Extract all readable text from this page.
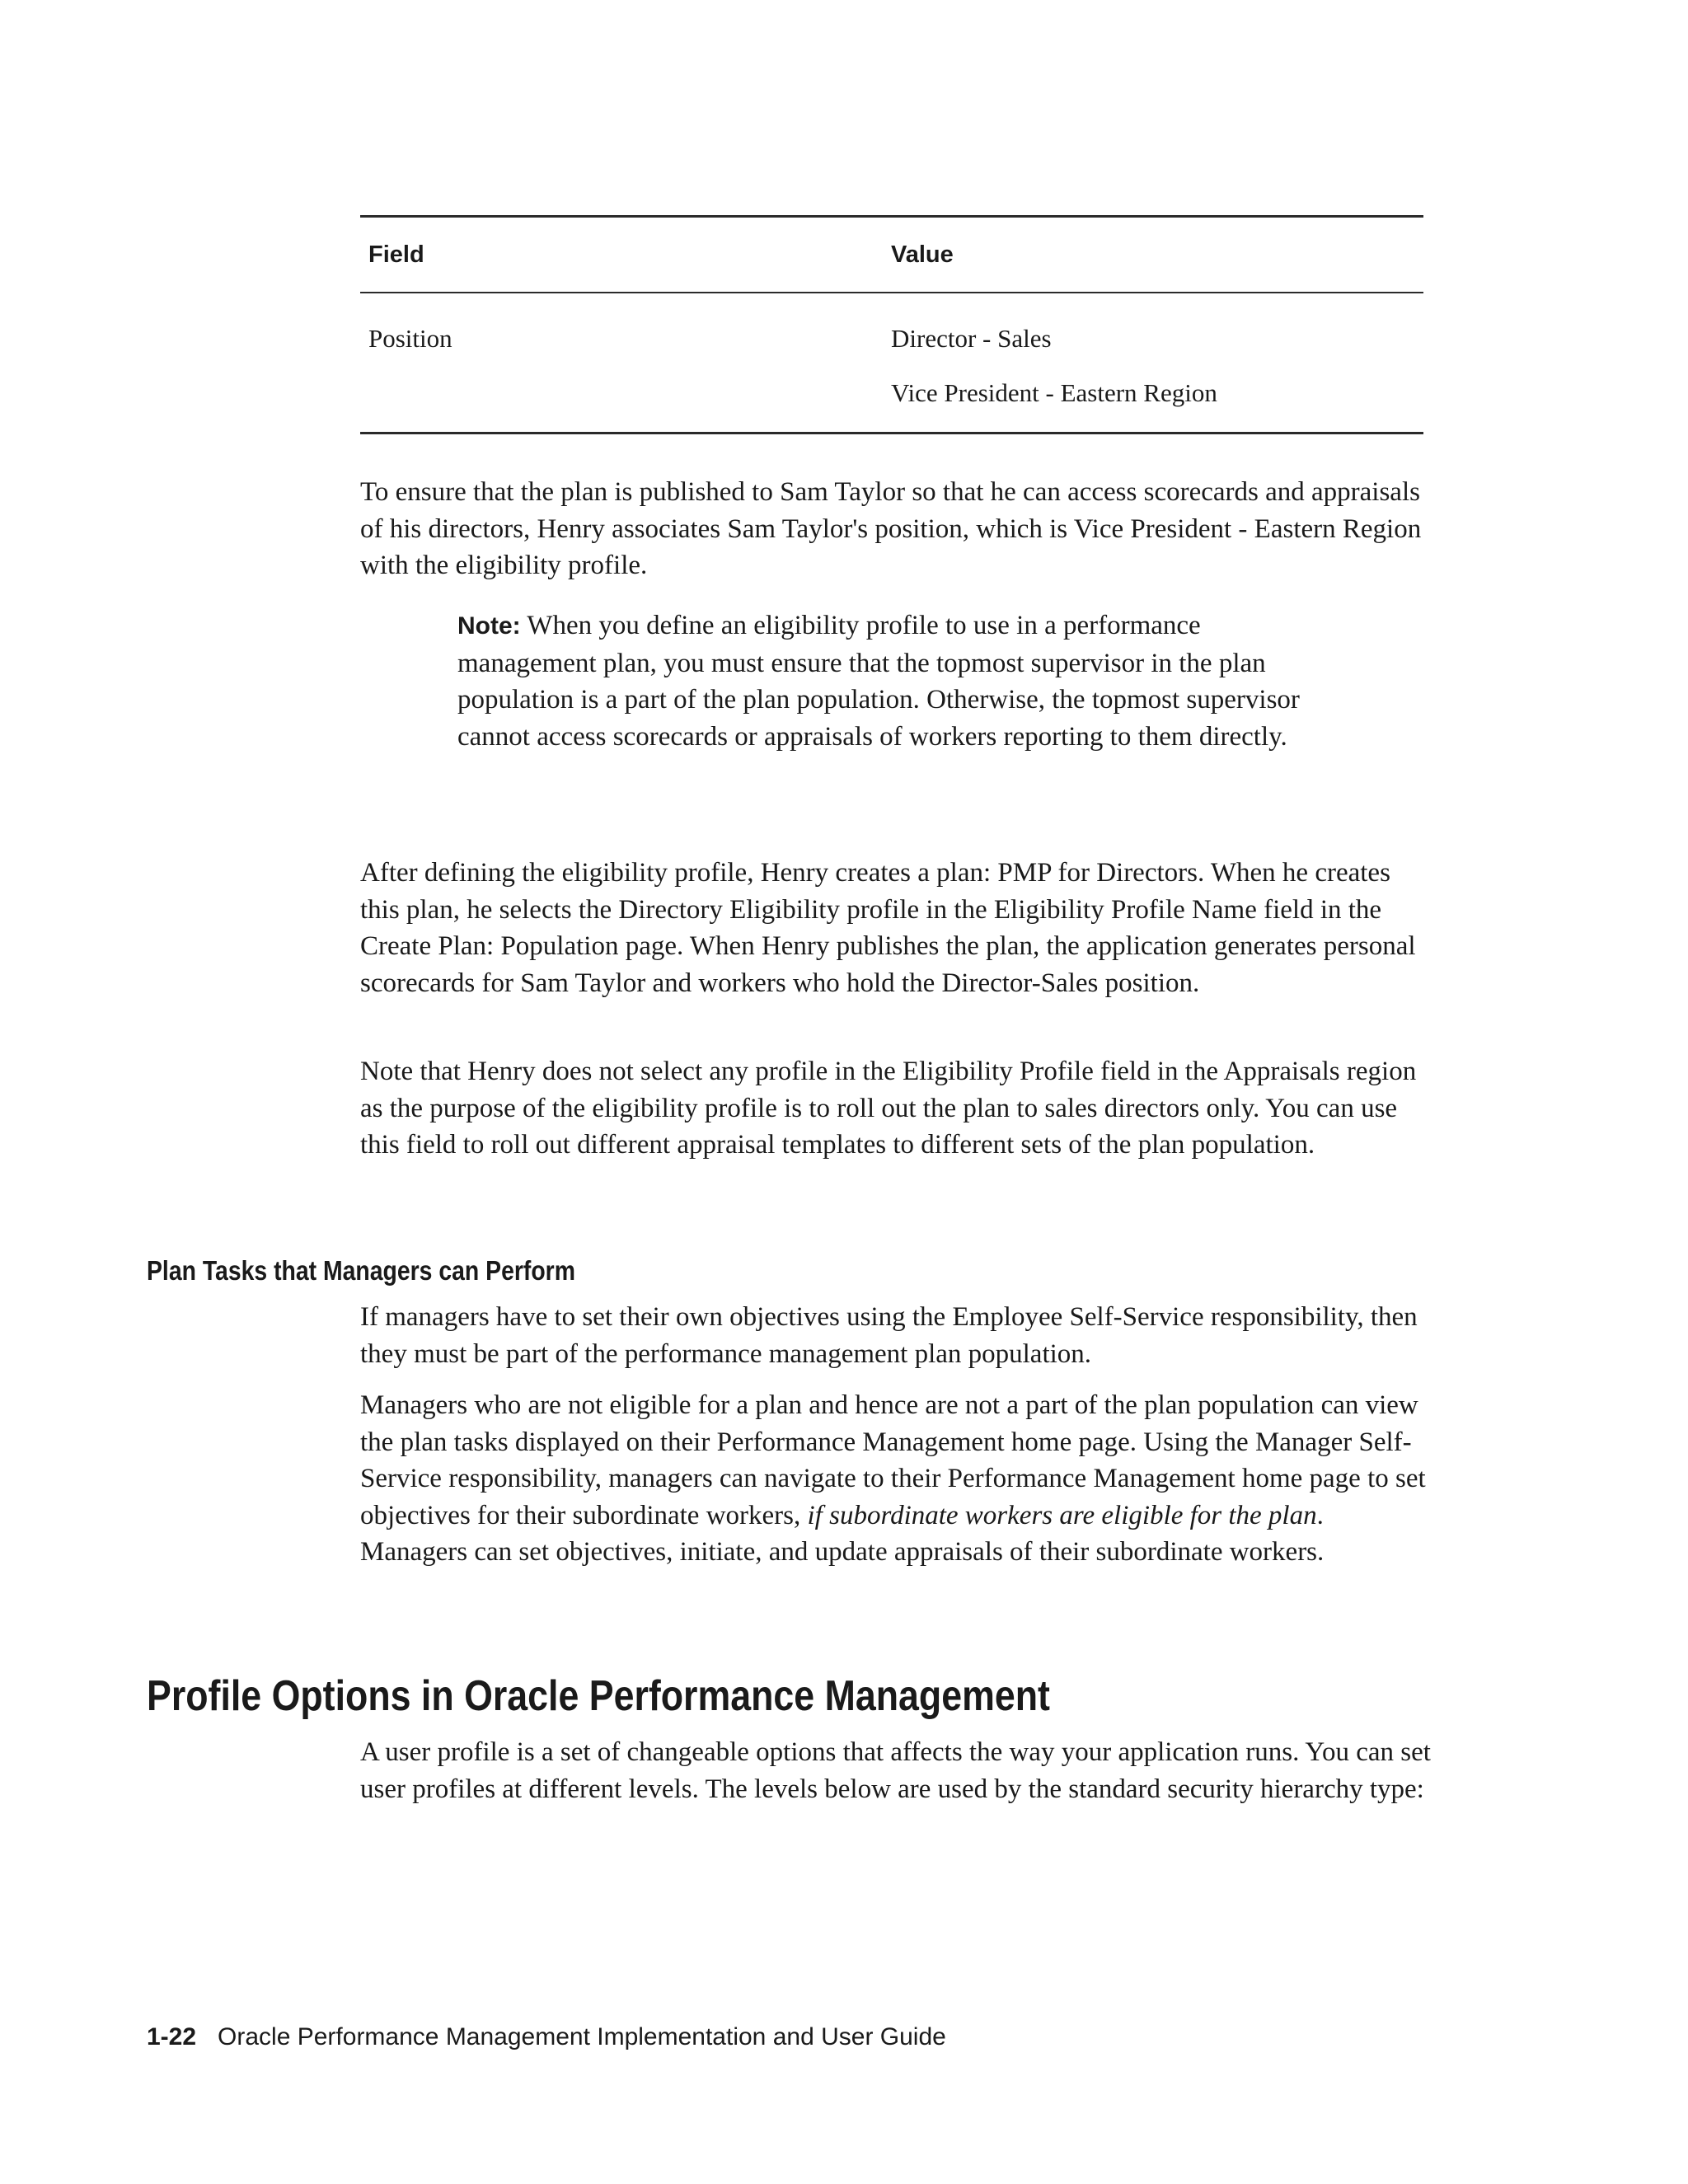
Field	Value
Position	Director - Sales
Vice President - Eastern Region

To ensure that the plan is published to Sam Taylor so that he can access scorecards and appraisals of his directors, Henry associates Sam Taylor's position, which is Vice President - Eastern Region with the eligibility profile.

Note: When you define an eligibility profile to use in a performance management plan, you must ensure that the topmost supervisor in the plan population is a part of the plan population. Otherwise, the topmost supervisor cannot access scorecards or appraisals of workers reporting to them directly.

After defining the eligibility profile, Henry creates a plan: PMP for Directors. When he creates this plan, he selects the Directory Eligibility profile in the Eligibility Profile Name field in the Create Plan: Population page. When Henry publishes the plan, the application generates personal scorecards for Sam Taylor and workers who hold the Director-Sales position.

Note that Henry does not select any profile in the Eligibility Profile field in the Appraisals region as the purpose of the eligibility profile is to roll out the plan to sales directors only. You can use this field to roll out different appraisal templates to different sets of the plan population.

Plan Tasks that Managers can Perform

If managers have to set their own objectives using the Employee Self-Service responsibility, then they must be part of the performance management plan population.

Managers who are not eligible for a plan and hence are not a part of the plan population can view the plan tasks displayed on their Performance Management home page. Using the Manager Self-Service responsibility, managers can navigate to their Performance Management home page to set objectives for their subordinate workers, if subordinate workers are eligible for the plan. Managers can set objectives, initiate, and update appraisals of their subordinate workers.

Profile Options in Oracle Performance Management

A user profile is a set of changeable options that affects the way your application runs. You can set user profiles at different levels. The levels below are used by the standard security hierarchy type:

1-22 Oracle Performance Management Implementation and User Guide
